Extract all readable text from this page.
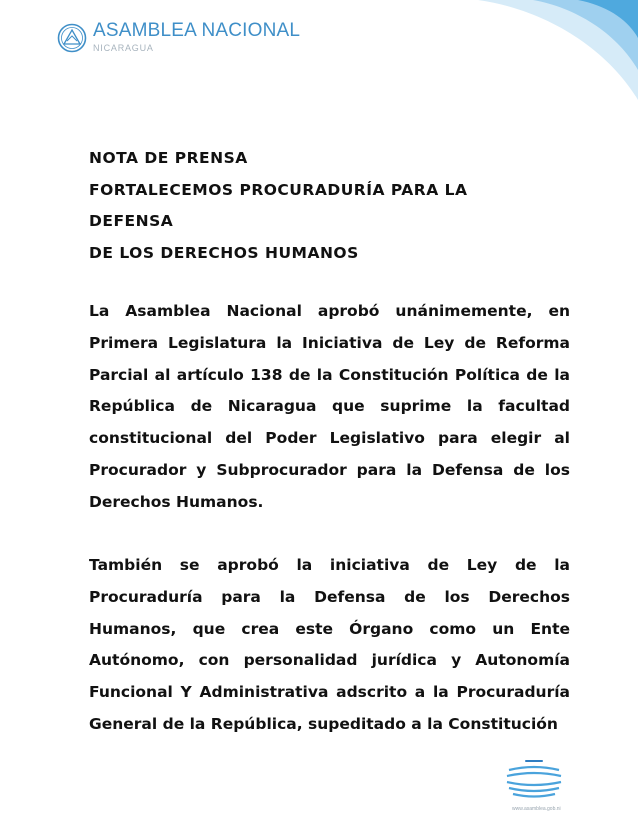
ASAMBLEA NACIONAL
NICARAGUA
NOTA DE PRENSA
FORTALECEMOS PROCURADURÍA PARA LA
DEFENSA
DE LOS DERECHOS HUMANOS

La Asamblea Nacional aprobó unánimemente, en Primera Legislatura la Iniciativa de Ley de Reforma Parcial al artículo 138 de la Constitución Política de la República de Nicaragua que suprime la facultad constitucional del Poder Legislativo para elegir al Procurador y Subprocurador para la Defensa de los Derechos Humanos.

También se aprobó la iniciativa de Ley de la Procuraduría para la Defensa de los Derechos Humanos, que crea este Órgano como un Ente Autónomo, con personalidad jurídica y Autonomía Funcional Y Administrativa adscrito a la Procuraduría General de la República, supeditado a la Constitución

www.asamblea.gob.ni
